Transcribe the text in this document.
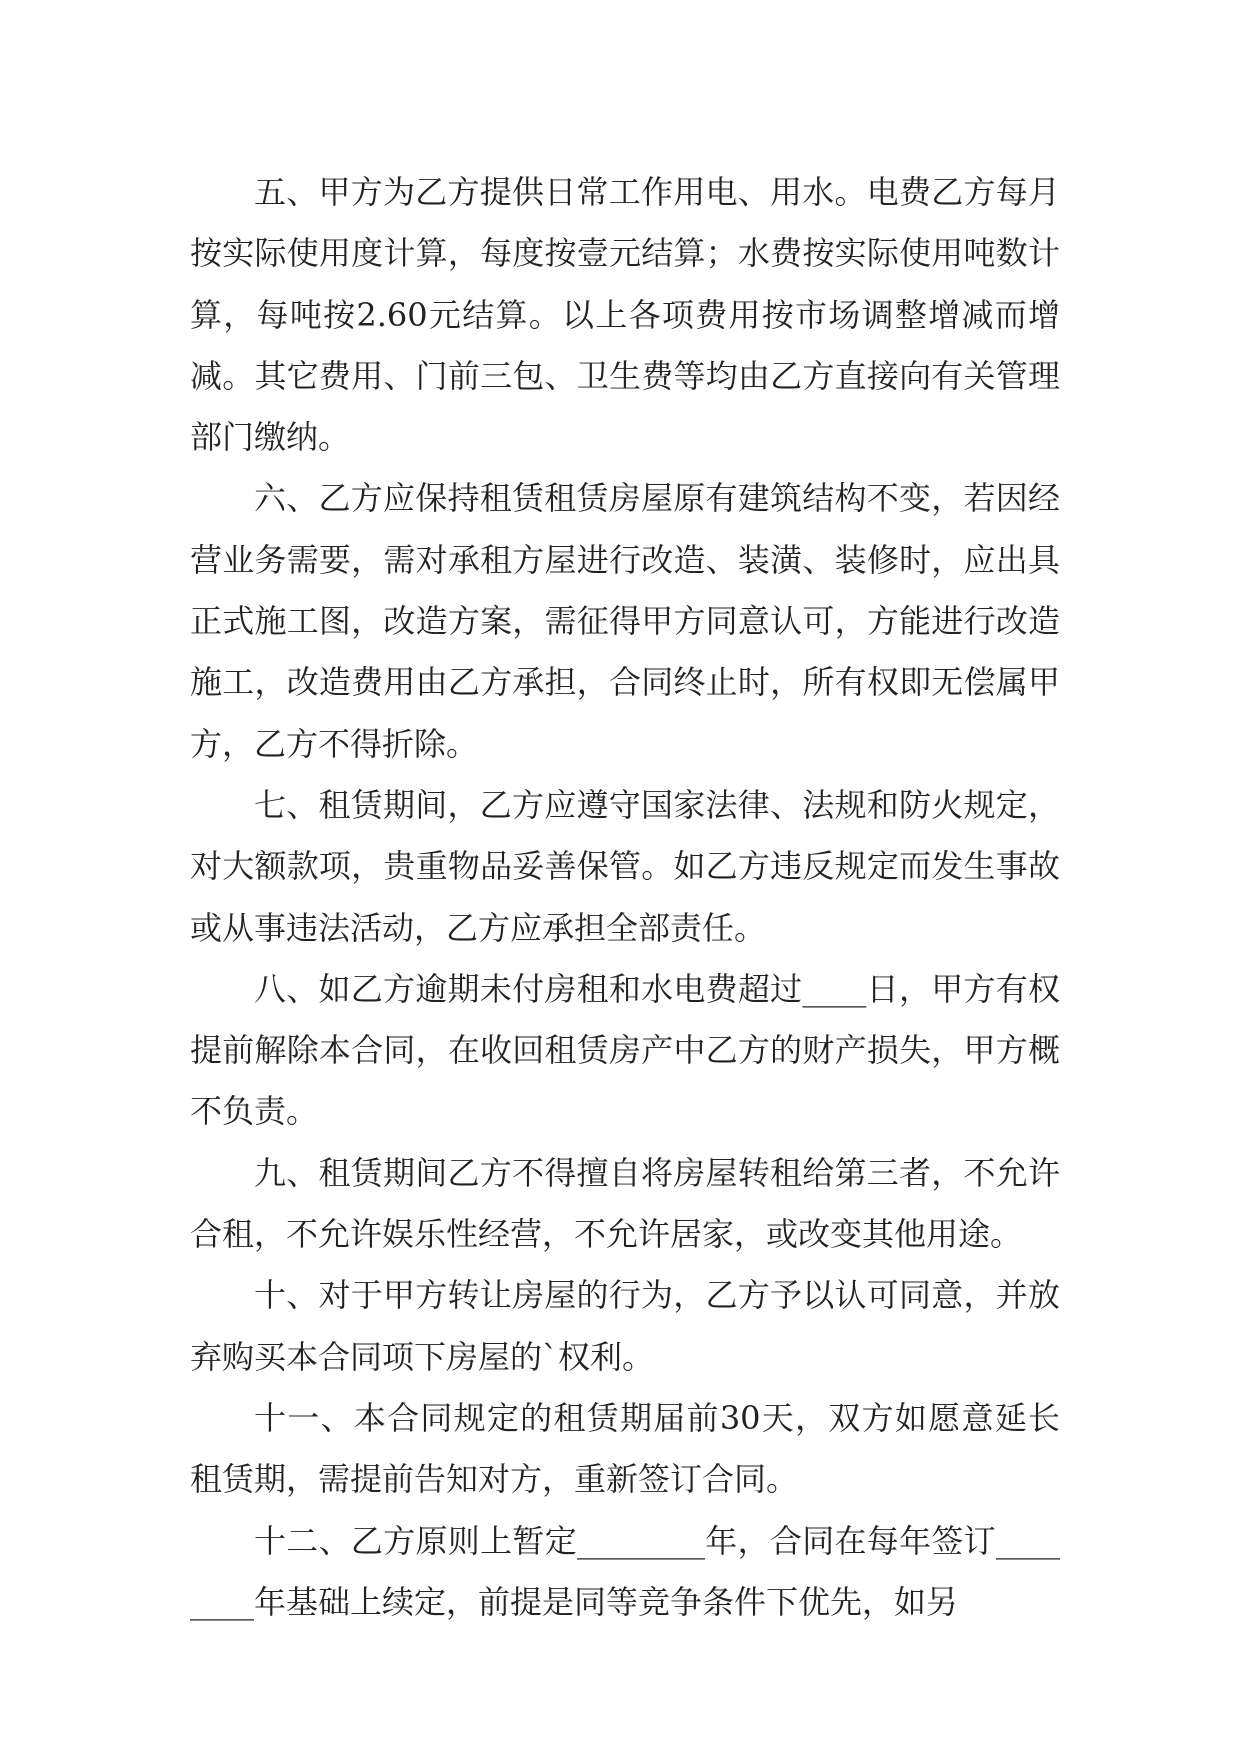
五、甲方为乙方提供日常工作用电、用水。电费乙方每月按实际使用度计算，每度按壹元结算；水费按实际使用吨数计算，每吨按2.60元结算。以上各项费用按市场调整增减而增减。其它费用、门前三包、卫生费等均由乙方直接向有关管理部门缴纳。

六、乙方应保持租赁租赁房屋原有建筑结构不变，若因经营业务需要，需对承租方屋进行改造、装潢、装修时，应出具正式施工图，改造方案，需征得甲方同意认可，方能进行改造施工，改造费用由乙方承担，合同终止时，所有权即无偿属甲方，乙方不得折除。

七、租赁期间，乙方应遵守国家法律、法规和防火规定，对大额款项，贵重物品妥善保管。如乙方违反规定而发生事故或从事违法活动，乙方应承担全部责任。

八、如乙方逾期未付房租和水电费超过____日，甲方有权提前解除本合同，在收回租赁房产中乙方的财产损失，甲方概不负责。

九、租赁期间乙方不得擅自将房屋转租给第三者，不允许合租，不允许娱乐性经营，不允许居家，或改变其他用途。

十、对于甲方转让房屋的行为，乙方予以认可同意，并放弃购买本合同项下房屋的`权利。

十一、本合同规定的租赁期届前30天，双方如愿意延长租赁期，需提前告知对方，重新签订合同。

十二、乙方原则上暂定________年，合同在每年签订________年基础上续定，前提是同等竞争条件下优先，如另
